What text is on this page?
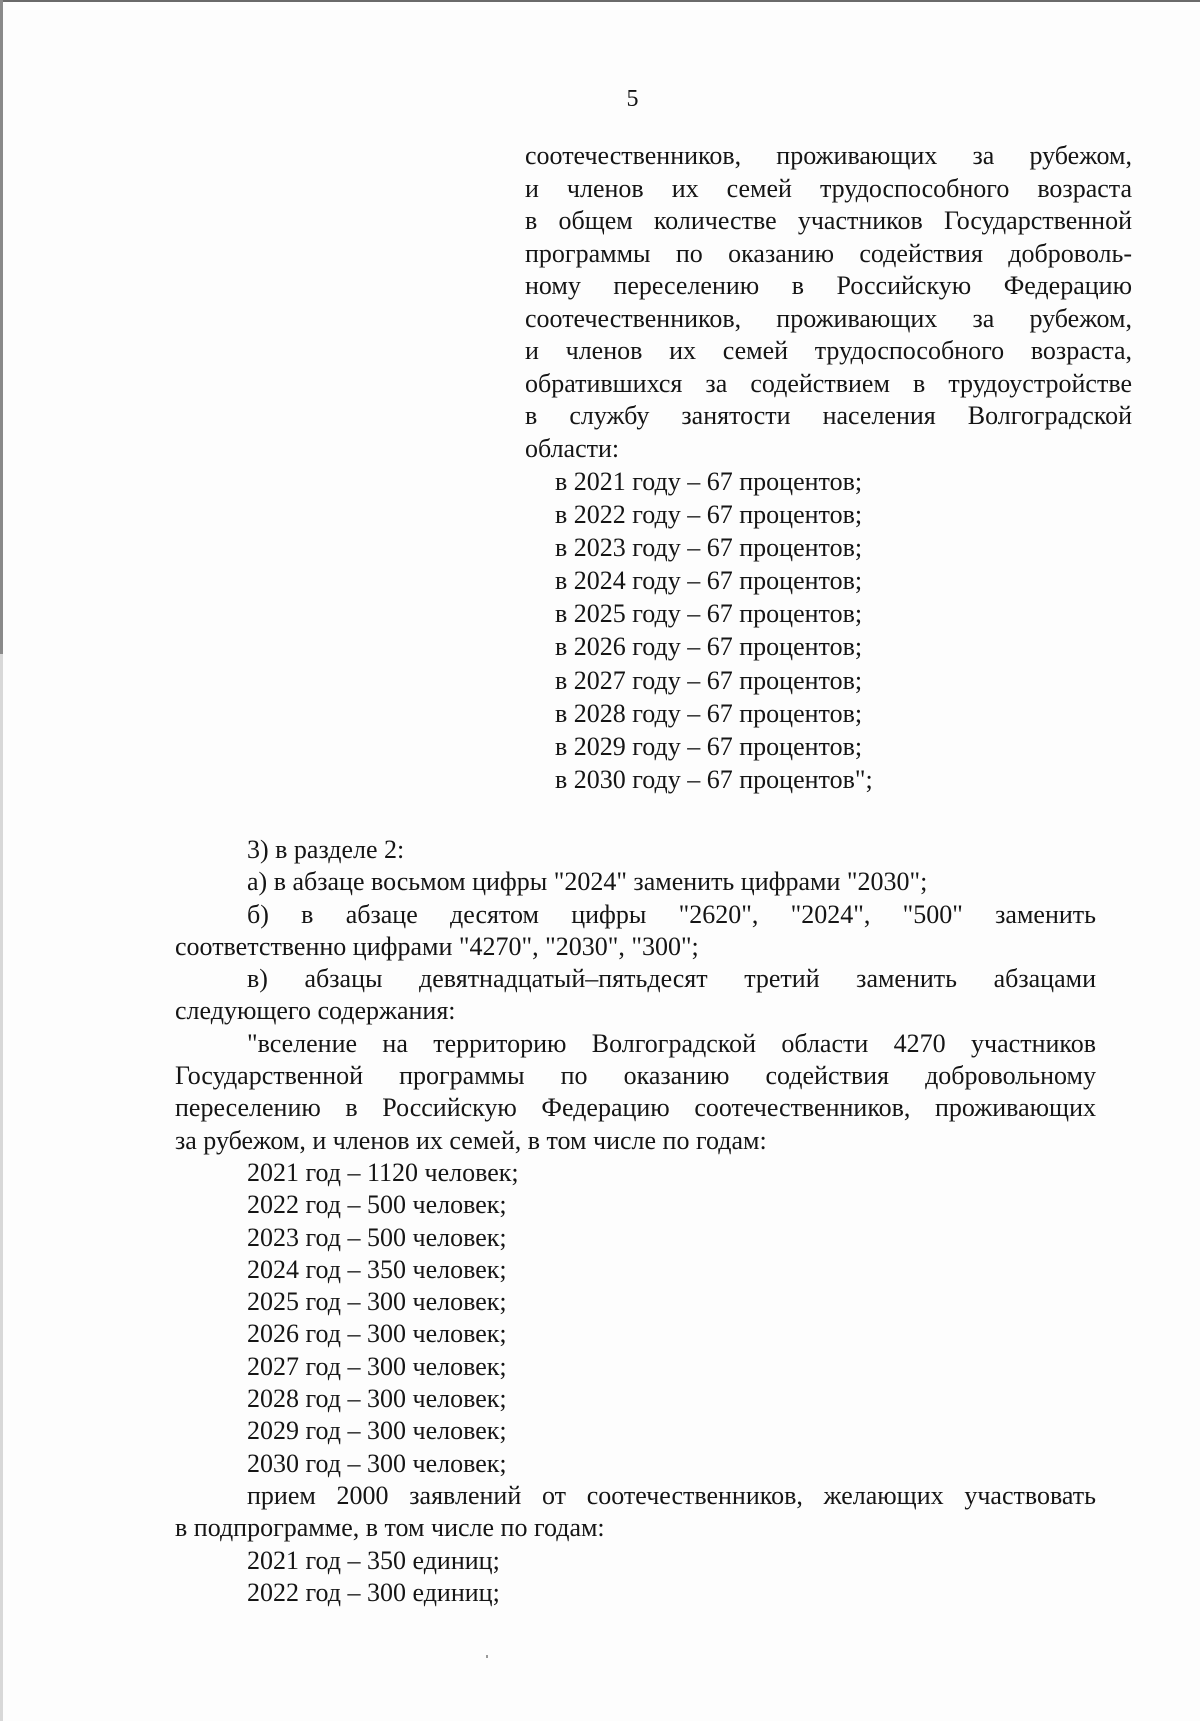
5

соотечественников, проживающих за рубежом,
и членов их семей трудоспособного возраста
в общем количестве участников Государственной
программы по оказанию содействия доброволь-
ному переселению в Российскую Федерацию
соотечественников, проживающих за рубежом,
и членов их семей трудоспособного возраста,
обратившихся за содействием в трудоустройстве
в службу занятости населения Волгоградской
области:

в 2021 году – 67 процентов;
в 2022 году – 67 процентов;
в 2023 году – 67 процентов;
в 2024 году – 67 процентов;
в 2025 году – 67 процентов;
в 2026 году – 67 процентов;
в 2027 году – 67 процентов;
в 2028 году – 67 процентов;
в 2029 году – 67 процентов;
в 2030 году – 67 процентов";

3) в разделе 2:

а) в абзаце восьмом цифры "2024" заменить цифрами "2030";

б) в абзаце десятом цифры "2620", "2024", "500" заменить
соответственно цифрами "4270", "2030", "300";

в) абзацы девятнадцатый–пятьдесят третий заменить абзацами
следующего содержания:

"вселение на территорию Волгоградской области 4270 участников
Государственной программы по оказанию содействия добровольному
переселению в Российскую Федерацию соотечественников, проживающих
за рубежом, и членов их семей, в том числе по годам:

2021 год – 1120 человек;
2022 год – 500 человек;
2023 год – 500 человек;
2024 год – 350 человек;
2025 год – 300 человек;
2026 год – 300 человек;
2027 год – 300 человек;
2028 год – 300 человек;
2029 год – 300 человек;
2030 год – 300 человек;

прием 2000 заявлений от соотечественников, желающих участвовать
в подпрограмме, в том числе по годам:

2021 год – 350 единиц;
2022 год – 300 единиц;
